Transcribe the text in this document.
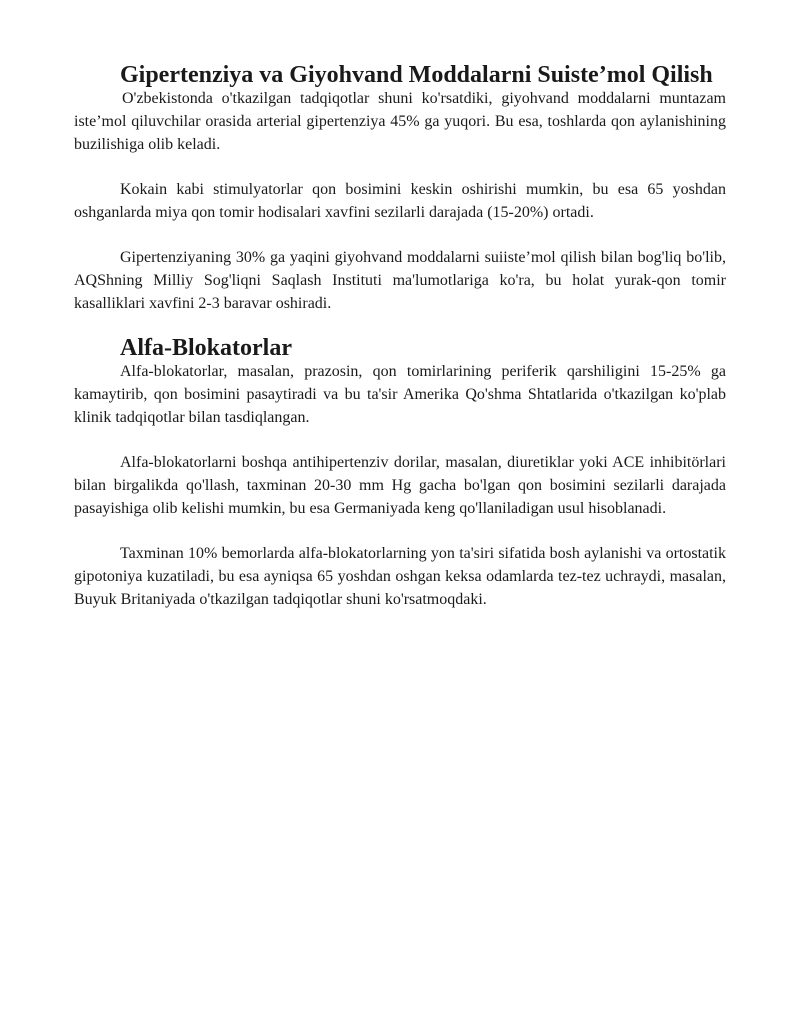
Gipertenziya va Giyohvand Moddalarni Suiste’mol Qilish

O'zbekistonda o'tkazilgan tadqiqotlar shuni ko'rsatdiki, giyohvand moddalarni muntazam iste’mol qiluvchilar orasida arterial gipertenziya 45% ga yuqori. Bu esa, toshlarda qon aylanishining buzilishiga olib keladi.

Kokain kabi stimulyatorlar qon bosimini keskin oshirishi mumkin, bu esa 65 yoshdan oshganlarda miya qon tomir hodisalari xavfini sezilarli darajada (15-20%) ortadi.

Gipertenziyaning 30% ga yaqini giyohvand moddalarni suiiste’mol qilish bilan bog'liq bo'lib, AQShning Milliy Sog'liqni Saqlash Instituti ma'lumotlariga ko'ra, bu holat yurak-qon tomir kasalliklari xavfini 2-3 baravar oshiradi.

Alfa-Blokatorlar

Alfa-blokatorlar, masalan, prazosin, qon tomirlarining periferik qarshiligini 15-25% ga kamaytirib, qon bosimini pasaytiradi va bu ta'sir Amerika Qo'shma Shtatlarida o'tkazilgan ko'plab klinik tadqiqotlar bilan tasdiqlangan.

Alfa-blokatorlarni boshqa antihipertenziv dorilar, masalan, diuretiklar yoki ACE inhibitörlari bilan birgalikda qo'llash, taxminan 20-30 mm Hg gacha bo'lgan qon bosimini sezilarli darajada pasayishiga olib kelishi mumkin, bu esa Germaniyada keng qo'llaniladigan usul hisoblanadi.

Taxminan 10% bemorlarda alfa-blokatorlarning yon ta'siri sifatida bosh aylanishi va ortostatik gipotoniya kuzatiladi, bu esa ayniqsa 65 yoshdan oshgan keksa odamlarda tez-tez uchraydi, masalan, Buyuk Britaniyada o'tkazilgan tadqiqotlar shuni ko'rsatmoqdaki.
